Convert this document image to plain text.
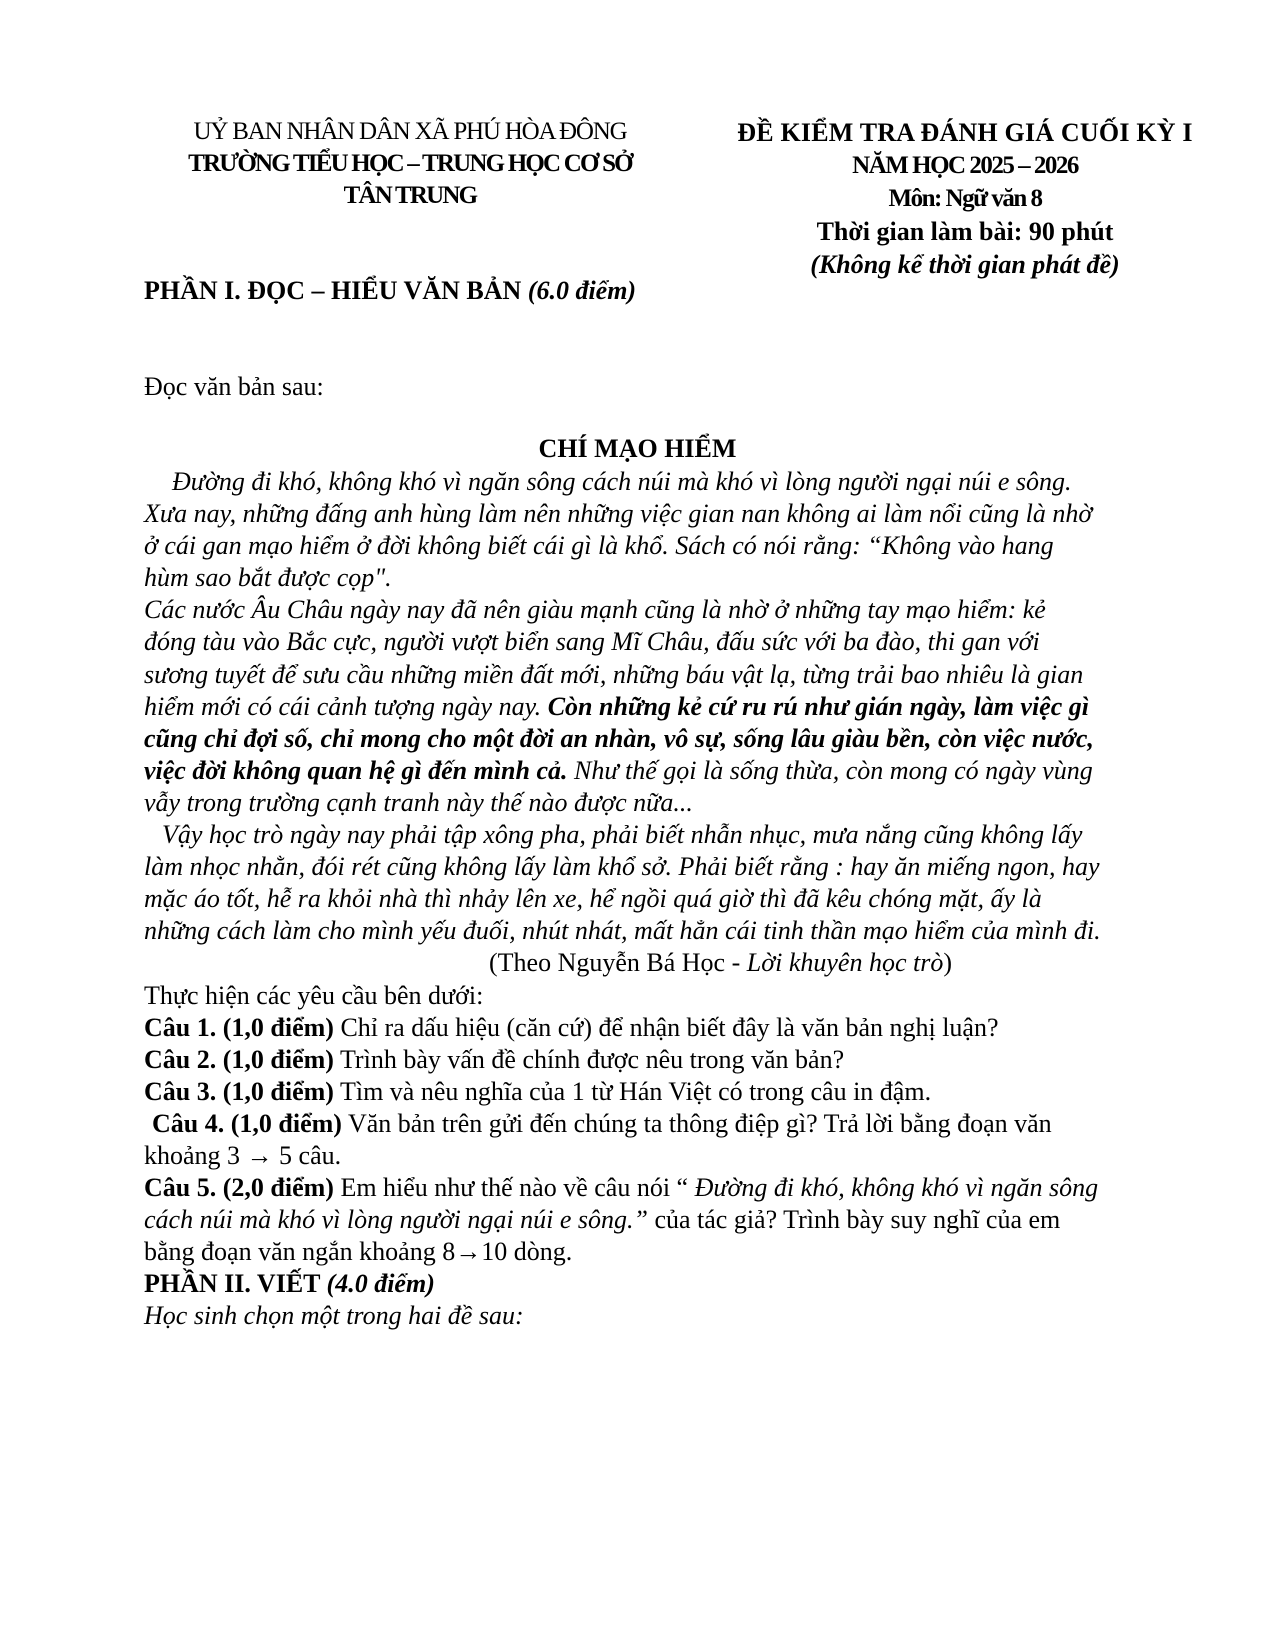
UỶ BAN NHÂN DÂN XÃ PHÚ HÒA ĐÔNG
TRƯỜNG TIỂU HỌC – TRUNG HỌC CƠ SỞ
TÂN TRUNG
ĐỀ KIỂM TRA ĐÁNH GIÁ CUỐI KỲ I
NĂM HỌC 2025 – 2026
Môn: Ngữ văn 8
Thời gian làm bài: 90 phút
(Không kể thời gian phát đề)
PHẦN I. ĐỌC – HIỂU VĂN BẢN (6.0 điểm)
Đọc văn bản sau:
CHÍ MẠO HIỂM

Đường đi khó, không khó vì ngăn sông cách núi mà khó vì lòng người ngại núi e sông. Xưa nay, những đấng anh hùng làm nên những việc gian nan không ai làm nổi cũng là nhờ ở cái gan mạo hiểm ở đời không biết cái gì là khổ. Sách có nói rằng: “Không vào hang hùm sao bắt được cọp".

Các nước Âu Châu ngày nay đã nên giàu mạnh cũng là nhờ ở những tay mạo hiểm: kẻ đóng tàu vào Bắc cực, người vượt biển sang Mĩ Châu, đấu sức với ba đào, thi gan với sương tuyết để sưu cầu những miền đất mới, những báu vật lạ, từng trải bao nhiêu là gian hiểm mới có cái cảnh tượng ngày nay. Còn những kẻ cứ ru rú như gián ngày, làm việc gì cũng chỉ đợi số, chỉ mong cho một đời an nhàn, vô sự, sống lâu giàu bền, còn việc nước, việc đời không quan hệ gì đến mình cả. Như thế gọi là sống thừa, còn mong có ngày vùng vẫy trong trường cạnh tranh này thế nào được nữa...

Vậy học trò ngày nay phải tập xông pha, phải biết nhẫn nhục, mưa nắng cũng không lấy làm nhọc nhằn, đói rét cũng không lấy làm khổ sở. Phải biết rằng : hay ăn miếng ngon, hay mặc áo tốt, hễ ra khỏi nhà thì nhảy lên xe, hể ngồi quá giờ thì đã kêu chóng mặt, ấy là những cách làm cho mình yếu đuối, nhút nhát, mất hẳn cái tinh thần mạo hiểm của mình đi.

(Theo Nguyễn Bá Học - Lời khuyên học trò)

Thực hiện các yêu cầu bên dưới:

Câu 1. (1,0 điểm) Chỉ ra dấu hiệu (căn cứ) để nhận biết đây là văn bản nghị luận?

Câu 2. (1,0 điểm) Trình bày vấn đề chính được nêu trong văn bản?

Câu 3. (1,0 điểm) Tìm và nêu nghĩa của 1 từ Hán Việt có trong câu in đậm.

Câu 4. (1,0 điểm) Văn bản trên gửi đến chúng ta thông điệp gì? Trả lời bằng đoạn văn khoảng 3 → 5 câu.

Câu 5. (2,0 điểm) Em hiểu như thế nào về câu nói “ Đường đi khó, không khó vì ngăn sông cách núi mà khó vì lòng người ngại núi e sông.” của tác giả? Trình bày suy nghĩ của em bằng đoạn văn ngắn khoảng 8→10 dòng.

PHẦN II. VIẾT (4.0 điểm)

Học sinh chọn một trong hai đề sau:
